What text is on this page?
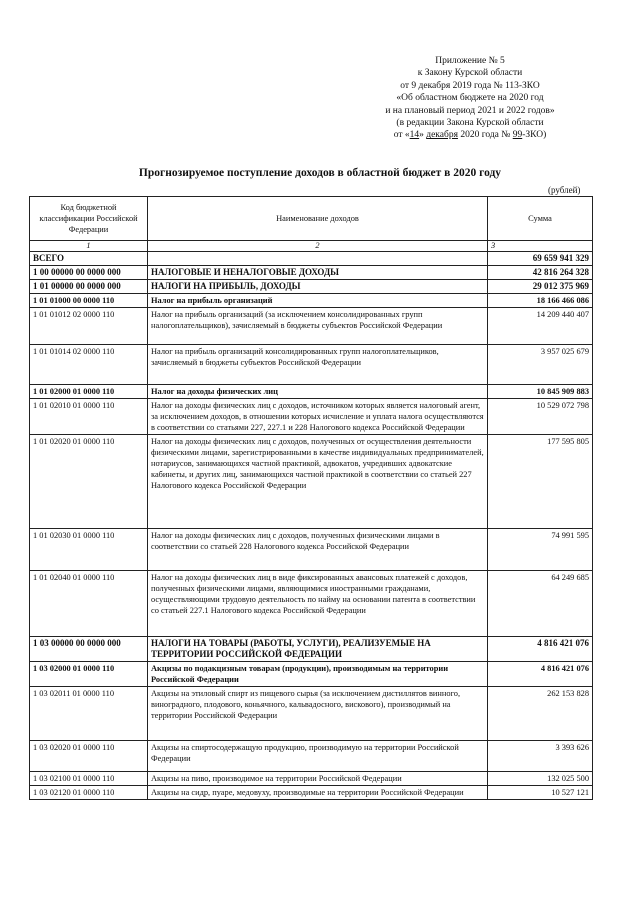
Приложение № 5
к Закону Курской области
от 9 декабря 2019 года № 113-ЗКО
«Об областном бюджете на 2020 год
и на плановый период 2021 и 2022 годов»
(в редакции Закона Курской области
от «14» декабря 2020 года № 99-ЗКО)
Прогнозируемое поступление доходов в областной бюджет в 2020 году
(рублей)
Код бюджетной классификации Российской Федерации	Наименование доходов	Сумма
1	2	3
ВСЕГО		69 659 941 329
1 00 00000 00 0000 000	НАЛОГОВЫЕ И НЕНАЛОГОВЫЕ ДОХОДЫ	42 816 264 328
1 01 00000 00 0000 000	НАЛОГИ НА ПРИБЫЛЬ, ДОХОДЫ	29 012 375 969
1 01 01000 00 0000 110	Налог на прибыль организаций	18 166 466 086
1 01 01012 02 0000 110	Налог на прибыль организаций (за исключением консолидированных групп налогоплательщиков), зачисляемый в бюджеты субъектов Российской Федерации	14 209 440 407
1 01 01014 02 0000 110	Налог на прибыль организаций консолидированных групп налогоплательщиков, зачисляемый в бюджеты субъектов Российской Федерации	3 957 025 679
1 01 02000 01 0000 110	Налог на доходы физических лиц	10 845 909 883
1 01 02010 01 0000 110	Налог на доходы физических лиц с доходов, источником которых является налоговый агент, за исключением доходов, в отношении которых исчисление и уплата налога осуществляются в соответствии со статьями 227, 227.1 и 228 Налогового кодекса Российской Федерации	10 529 072 798
1 01 02020 01 0000 110	Налог на доходы физических лиц с доходов, полученных от осуществления деятельности физическими лицами, зарегистрированными в качестве индивидуальных предпринимателей, нотариусов, занимающихся частной практикой, адвокатов, учредивших адвокатские кабинеты, и других лиц, занимающихся частной практикой в соответствии со статьей 227 Налогового кодекса Российской Федерации	177 595 805
1 01 02030 01 0000 110	Налог на доходы физических лиц с доходов, полученных физическими лицами в соответствии со статьей 228 Налогового кодекса Российской Федерации	74 991 595
1 01 02040 01 0000 110	Налог на доходы физических лиц в виде фиксированных авансовых платежей с доходов, полученных физическими лицами, являющимися иностранными гражданами, осуществляющими трудовую деятельность по найму на основании патента в соответствии со статьей 227.1 Налогового кодекса Российской Федерации	64 249 685
1 03 00000 00 0000 000	НАЛОГИ НА ТОВАРЫ (РАБОТЫ, УСЛУГИ), РЕАЛИЗУЕМЫЕ НА ТЕРРИТОРИИ РОССИЙСКОЙ ФЕДЕРАЦИИ	4 816 421 076
1 03 02000 01 0000 110	Акцизы по подакцизным товарам (продукции), производимым на территории Российской Федерации	4 816 421 076
1 03 02011 01 0000 110	Акцизы на этиловый спирт из пищевого сырья (за исключением дистиллятов винного, виноградного, плодового, коньячного, кальвадосного, вискового), производимый на территории Российской Федерации	262 153 828
1 03 02020 01 0000 110	Акцизы на спиртосодержащую продукцию, производимую на территории Российской Федерации	3 393 626
1 03 02100 01 0000 110	Акцизы на пиво, производимое на территории Российской Федерации	132 025 500
1 03 02120 01 0000 110	Акцизы на сидр, пуаре, медовуху, производимые на территории Российской Федерации	10 527 121
